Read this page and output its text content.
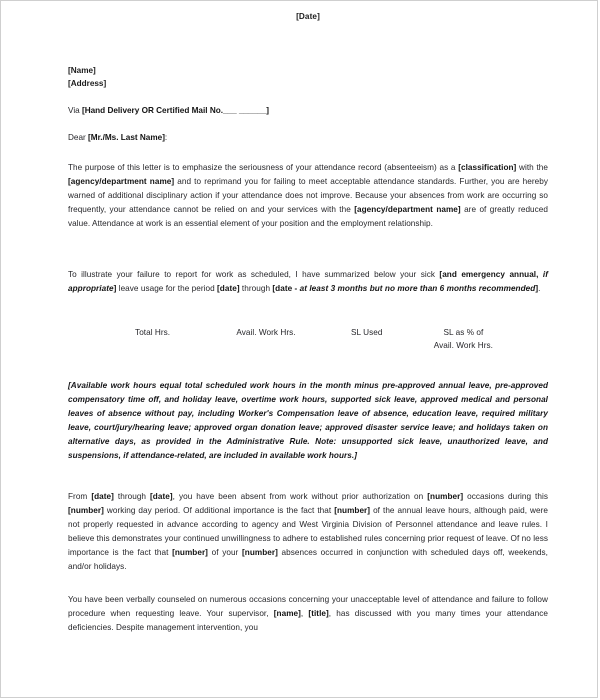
[Date]
[Name]
[Address]
Via [Hand Delivery OR Certified Mail No.___ ______]
Dear [Mr./Ms. Last Name]:
The purpose of this letter is to emphasize the seriousness of your attendance record (absenteeism) as a [classification] with the [agency/department name] and to reprimand you for failing to meet acceptable attendance standards. Further, you are hereby warned of additional disciplinary action if your attendance does not improve. Because your absences from work are occurring so frequently, your attendance cannot be relied on and your services with the [agency/department name] are of greatly reduced value. Attendance at work is an essential element of your position and the employment relationship.
To illustrate your failure to report for work as scheduled, I have summarized below your sick [and emergency annual, if appropriate] leave usage for the period [date] through [date - at least 3 months but no more than 6 months recommended].
Total Hrs.	Avail. Work Hrs.	SL Used	SL as % of
Avail. Work Hrs.
[Available work hours equal total scheduled work hours in the month minus pre-approved annual leave, pre-approved compensatory time off, and holiday leave, overtime work hours, supported sick leave, approved medical and personal leaves of absence without pay, including Worker's Compensation leave of absence, education leave, required military leave, court/jury/hearing leave; approved organ donation leave; approved disaster service leave; and holidays taken on alternative days, as provided in the Administrative Rule. Note: unsupported sick leave, unauthorized leave, and suspensions, if attendance-related, are included in available work hours.]
From [date] through [date], you have been absent from work without prior authorization on [number] occasions during this [number] working day period. Of additional importance is the fact that [number] of the annual leave hours, although paid, were not properly requested in advance according to agency and West Virginia Division of Personnel attendance and leave rules. I believe this demonstrates your continued unwillingness to adhere to established rules concerning prior request of leave. Of no less importance is the fact that [number] of your [number] absences occurred in conjunction with scheduled days off, weekends, and/or holidays.
You have been verbally counseled on numerous occasions concerning your unacceptable level of attendance and failure to follow procedure when requesting leave. Your supervisor, [name], [title], has discussed with you many times your attendance deficiencies. Despite management intervention, you
